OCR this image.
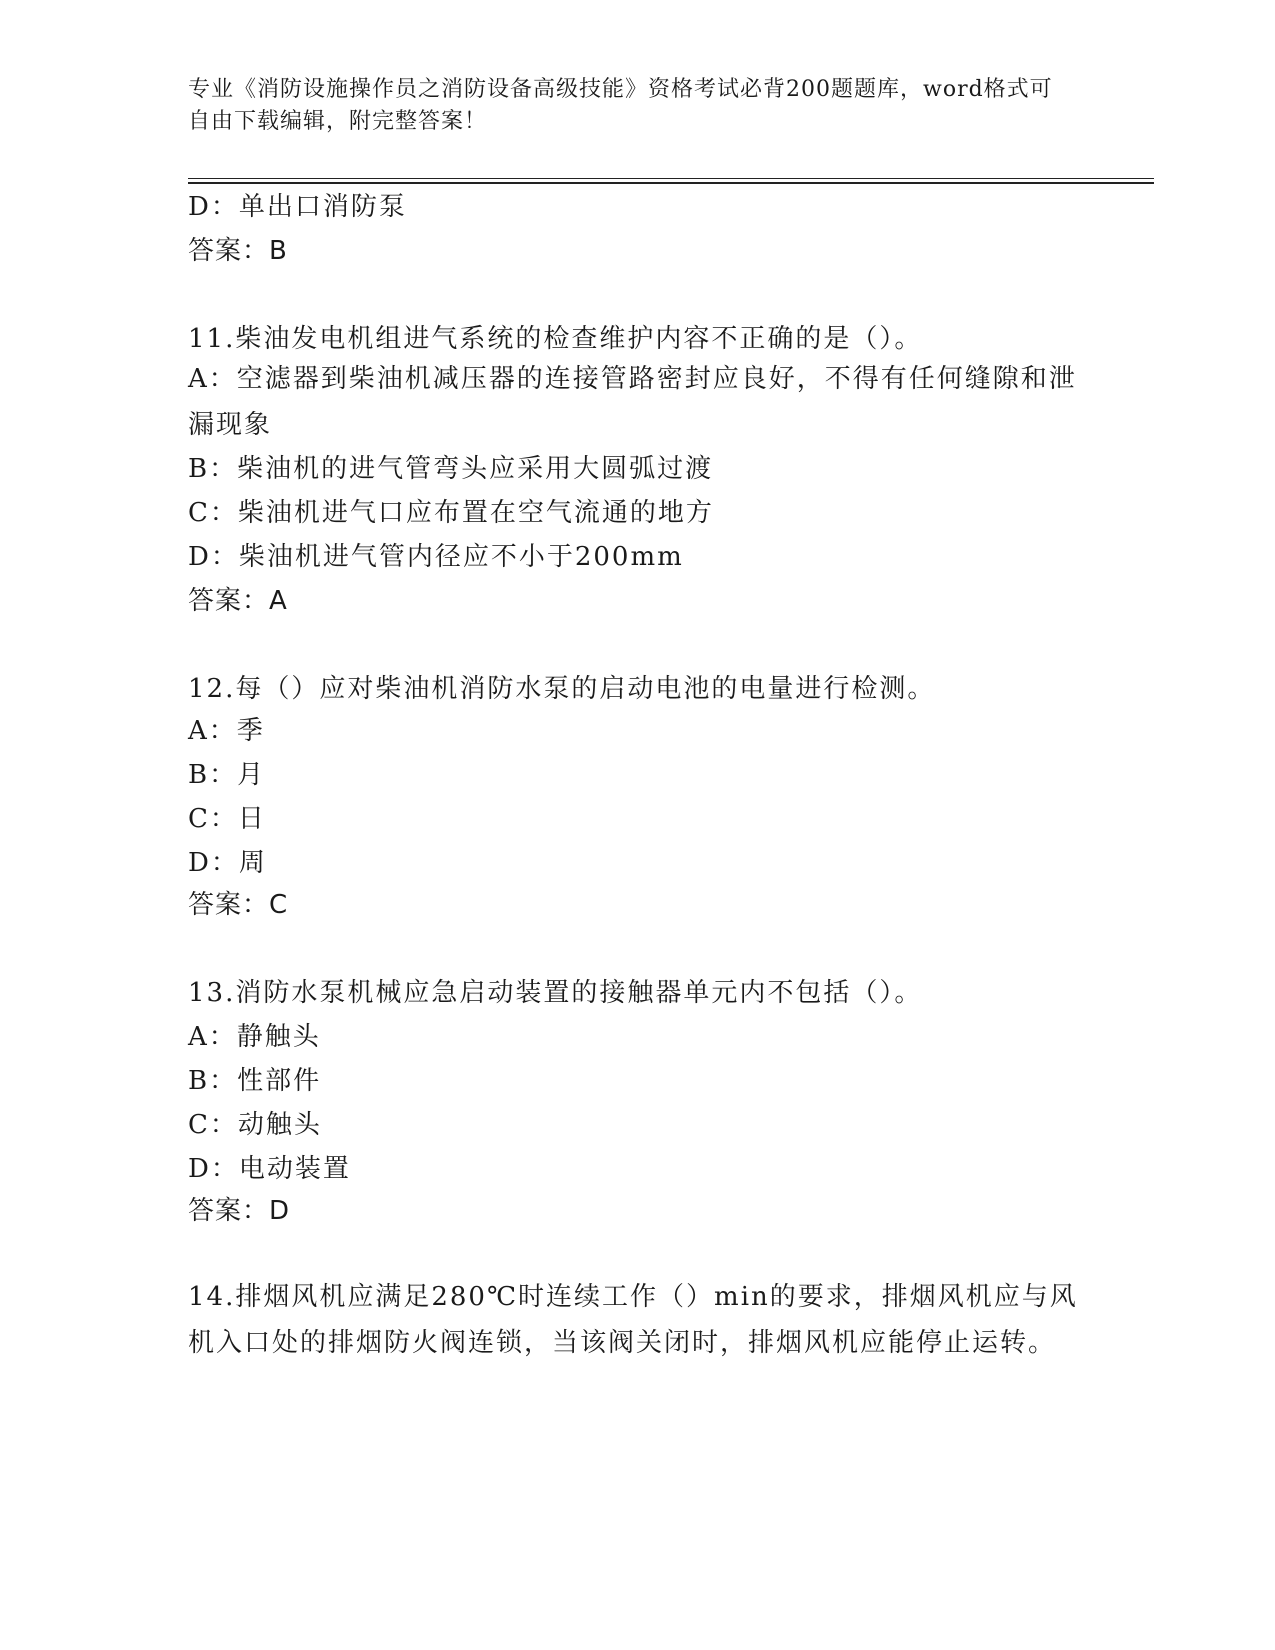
专业《消防设施操作员之消防设备高级技能》资格考试必背200题题库，word格式可自由下载编辑，附完整答案！
D：单出口消防泵
答案：B
11.柴油发电机组进气系统的检查维护内容不正确的是（）。
A：空滤器到柴油机减压器的连接管路密封应良好，不得有任何缝隙和泄漏现象
B：柴油机的进气管弯头应采用大圆弧过渡
C：柴油机进气口应布置在空气流通的地方
D：柴油机进气管内径应不小于200mm
答案：A
12.每（）应对柴油机消防水泵的启动电池的电量进行检测。
A：季
B：月
C：日
D：周
答案：C
13.消防水泵机械应急启动装置的接触器单元内不包括（）。
A：静触头
B：性部件
C：动触头
D：电动装置
答案：D
14.排烟风机应满足280℃时连续工作（）min的要求，排烟风机应与风机入口处的排烟防火阀连锁，当该阀关闭时，排烟风机应能停止运转。
